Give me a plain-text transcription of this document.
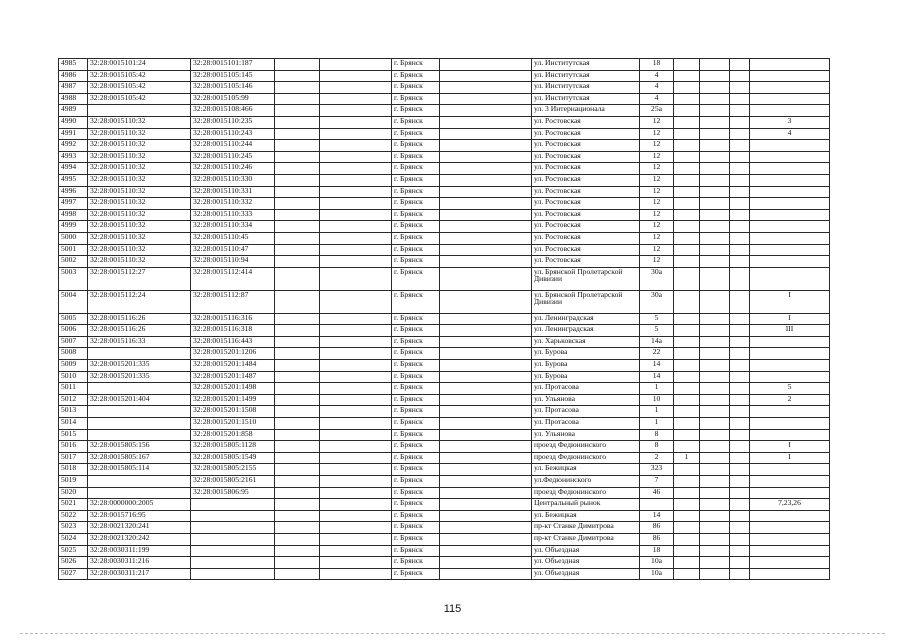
4985	32:28:0015101:24	32:28:0015101:187			г. Брянск		ул. Институтская	18				
4986	32:28:0015105:42	32:28:0015105:145			г. Брянск		ул. Институтская	4				
4987	32:28:0015105:42	32:28:0015105:146			г. Брянск		ул. Институтская	4				
4988	32:28:0015105:42	32:28:0015105:99			г. Брянск		ул. Институтская	4				
4989		32:28:0015108:466			г. Брянск		ул. 3 Интернационала	25а				
4990	32:28:0015110:32	32:28:0015110:235			г. Брянск		ул. Ростовская	12				3
4991	32:28:0015110:32	32:28:0015110:243			г. Брянск		ул. Ростовская	12				4
4992	32:28:0015110:32	32:28:0015110:244			г. Брянск		ул. Ростовская	12				
4993	32:28:0015110:32	32:28:0015110:245			г. Брянск		ул. Ростовская	12				
4994	32:28:0015110:32	32:28:0015110:246			г. Брянск		ул. Ростовская	12				
4995	32:28:0015110:32	32:28:0015110:330			г. Брянск		ул. Ростовская	12				
4996	32:28:0015110:32	32:28:0015110:331			г. Брянск		ул. Ростовская	12				
4997	32:28:0015110:32	32:28:0015110:332			г. Брянск		ул. Ростовская	12				
4998	32:28:0015110:32	32:28:0015110:333			г. Брянск		ул. Ростовская	12				
4999	32:28:0015110:32	32:28:0015110:334			г. Брянск		ул. Ростовская	12				
5000	32:28:0015110:32	32:28:0015110:45			г. Брянск		ул. Ростовская	12				
5001	32:28:0015110:32	32:28:0015110:47			г. Брянск		ул. Ростовская	12				
5002	32:28:0015110:32	32:28:0015110:94			г. Брянск		ул. Ростовская	12				
5003	32:28:0015112:27	32:28:0015112:414			г. Брянск		ул. Брянской Пролетарской Дивизии	30а				
5004	32:28:0015112:24	32:28:0015112:87			г. Брянск		ул. Брянской Пролетарской Дивизии	30а				I
5005	32:28:0015116:26	32:28:0015116:316			г. Брянск		ул. Ленинградская	5				I
5006	32:28:0015116:26	32:28:0015116:318			г. Брянск		ул. Ленинградская	5				III
5007	32:28:0015116:33	32:28:0015116:443			г. Брянск		ул. Харьковская	14а				
5008		32:28:0015201:1206			г. Брянск		ул. Бурова	22				
5009	32:28:0015201:335	32:28:0015201:1484			г. Брянск		ул. Бурова	14				
5010	32:28:0015201:335	32:28:0015201:1487			г. Брянск		ул. Бурова	14				
5011		32:28:0015201:1498			г. Брянск		ул. Протасова	1				5
5012	32:28:0015201:404	32:28:0015201:1499			г. Брянск		ул. Ульянова	10				2
5013		32:28:0015201:1508			г. Брянск		ул. Протасова	1				
5014		32:28:0015201:1510			г. Брянск		ул. Протасова	1				
5015		32:28:0015201:858			г. Брянск		ул. Ульянова	8				
5016	32:28:0015805:156	32:28:0015805:1128			г. Брянск		проезд Федюнинского	8				I
5017	32:28:0015805:167	32:28:0015805:1549			г. Брянск		проезд Федюнинского	2	1			I
5018	32:28:0015805:114	32:28:0015805:2155			г. Брянск		ул. Бежицкая	323				
5019		32:28:0015805:2161			г. Брянск		ул.Федюнинского	7				
5020		32:28:0015806:95			г. Брянск		проезд Федюнинского	46				
5021	32:28:0000000:2005				г. Брянск		Центральный рынок					7,23,26
5022	32:28:0015716:95				г. Брянск		ул. Бежицкая	14				
5023	32:28:0021320:241				г. Брянск		пр-кт Станке Димитрова	86				
5024	32:28:0021320:242				г. Брянск		пр-кт Станке Димитрова	86				
5025	32:28:0030311:199				г. Брянск		ул. Объездная	18				
5026	32:28:0030311:216				г. Брянск		ул. Объездная	10а				
5027	32:28:0030311:217				г. Брянск		ул. Объездная	10а				
115
